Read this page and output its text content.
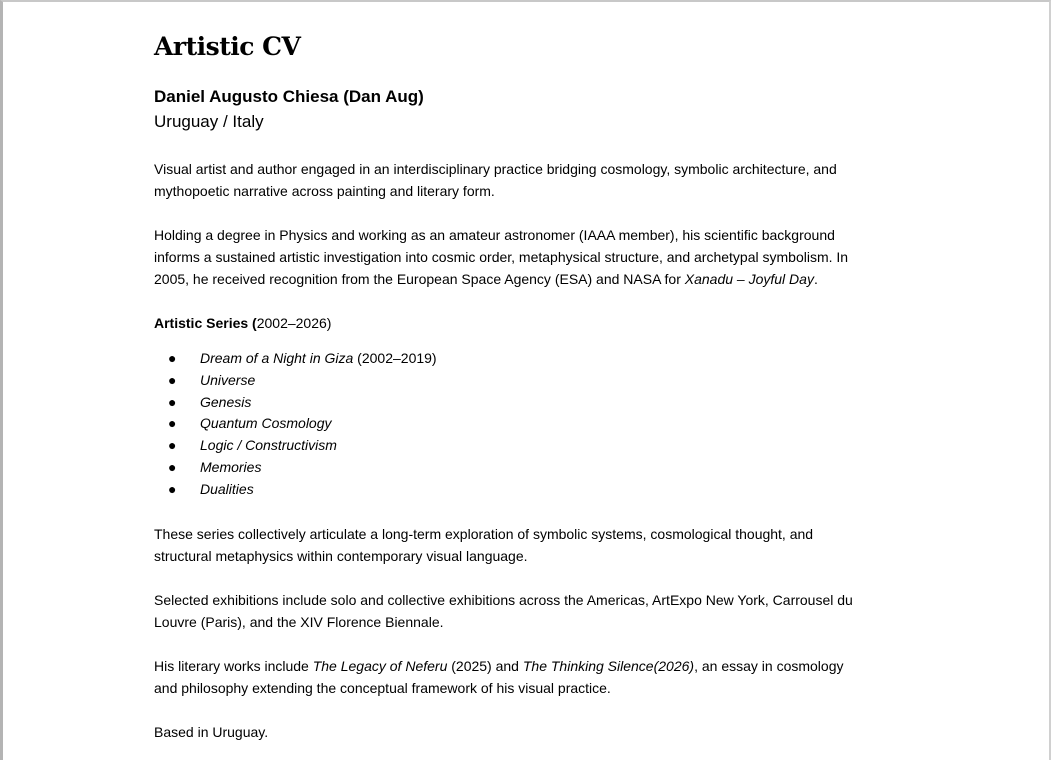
Artistic CV
Daniel Augusto Chiesa (Dan Aug)
Uruguay / Italy

Visual artist and author engaged in an interdisciplinary practice bridging cosmology, symbolic architecture, and mythopoetic narrative across painting and literary form.

Holding a degree in Physics and working as an amateur astronomer (IAAA member), his scientific background informs a sustained artistic investigation into cosmic order, metaphysical structure, and archetypal symbolism. In 2005, he received recognition from the European Space Agency (ESA) and NASA for Xanadu – Joyful Day.

Artistic Series (2002–2026)

● Dream of a Night in Giza (2002–2019)
● Universe
● Genesis
● Quantum Cosmology
● Logic / Constructivism
● Memories
● Dualities

These series collectively articulate a long-term exploration of symbolic systems, cosmological thought, and structural metaphysics within contemporary visual language.

Selected exhibitions include solo and collective exhibitions across the Americas, ArtExpo New York, Carrousel du Louvre (Paris), and the XIV Florence Biennale.

His literary works include The Legacy of Neferu (2025) and The Thinking Silence(2026), an essay in cosmology and philosophy extending the conceptual framework of his visual practice.

Based in Uruguay.
